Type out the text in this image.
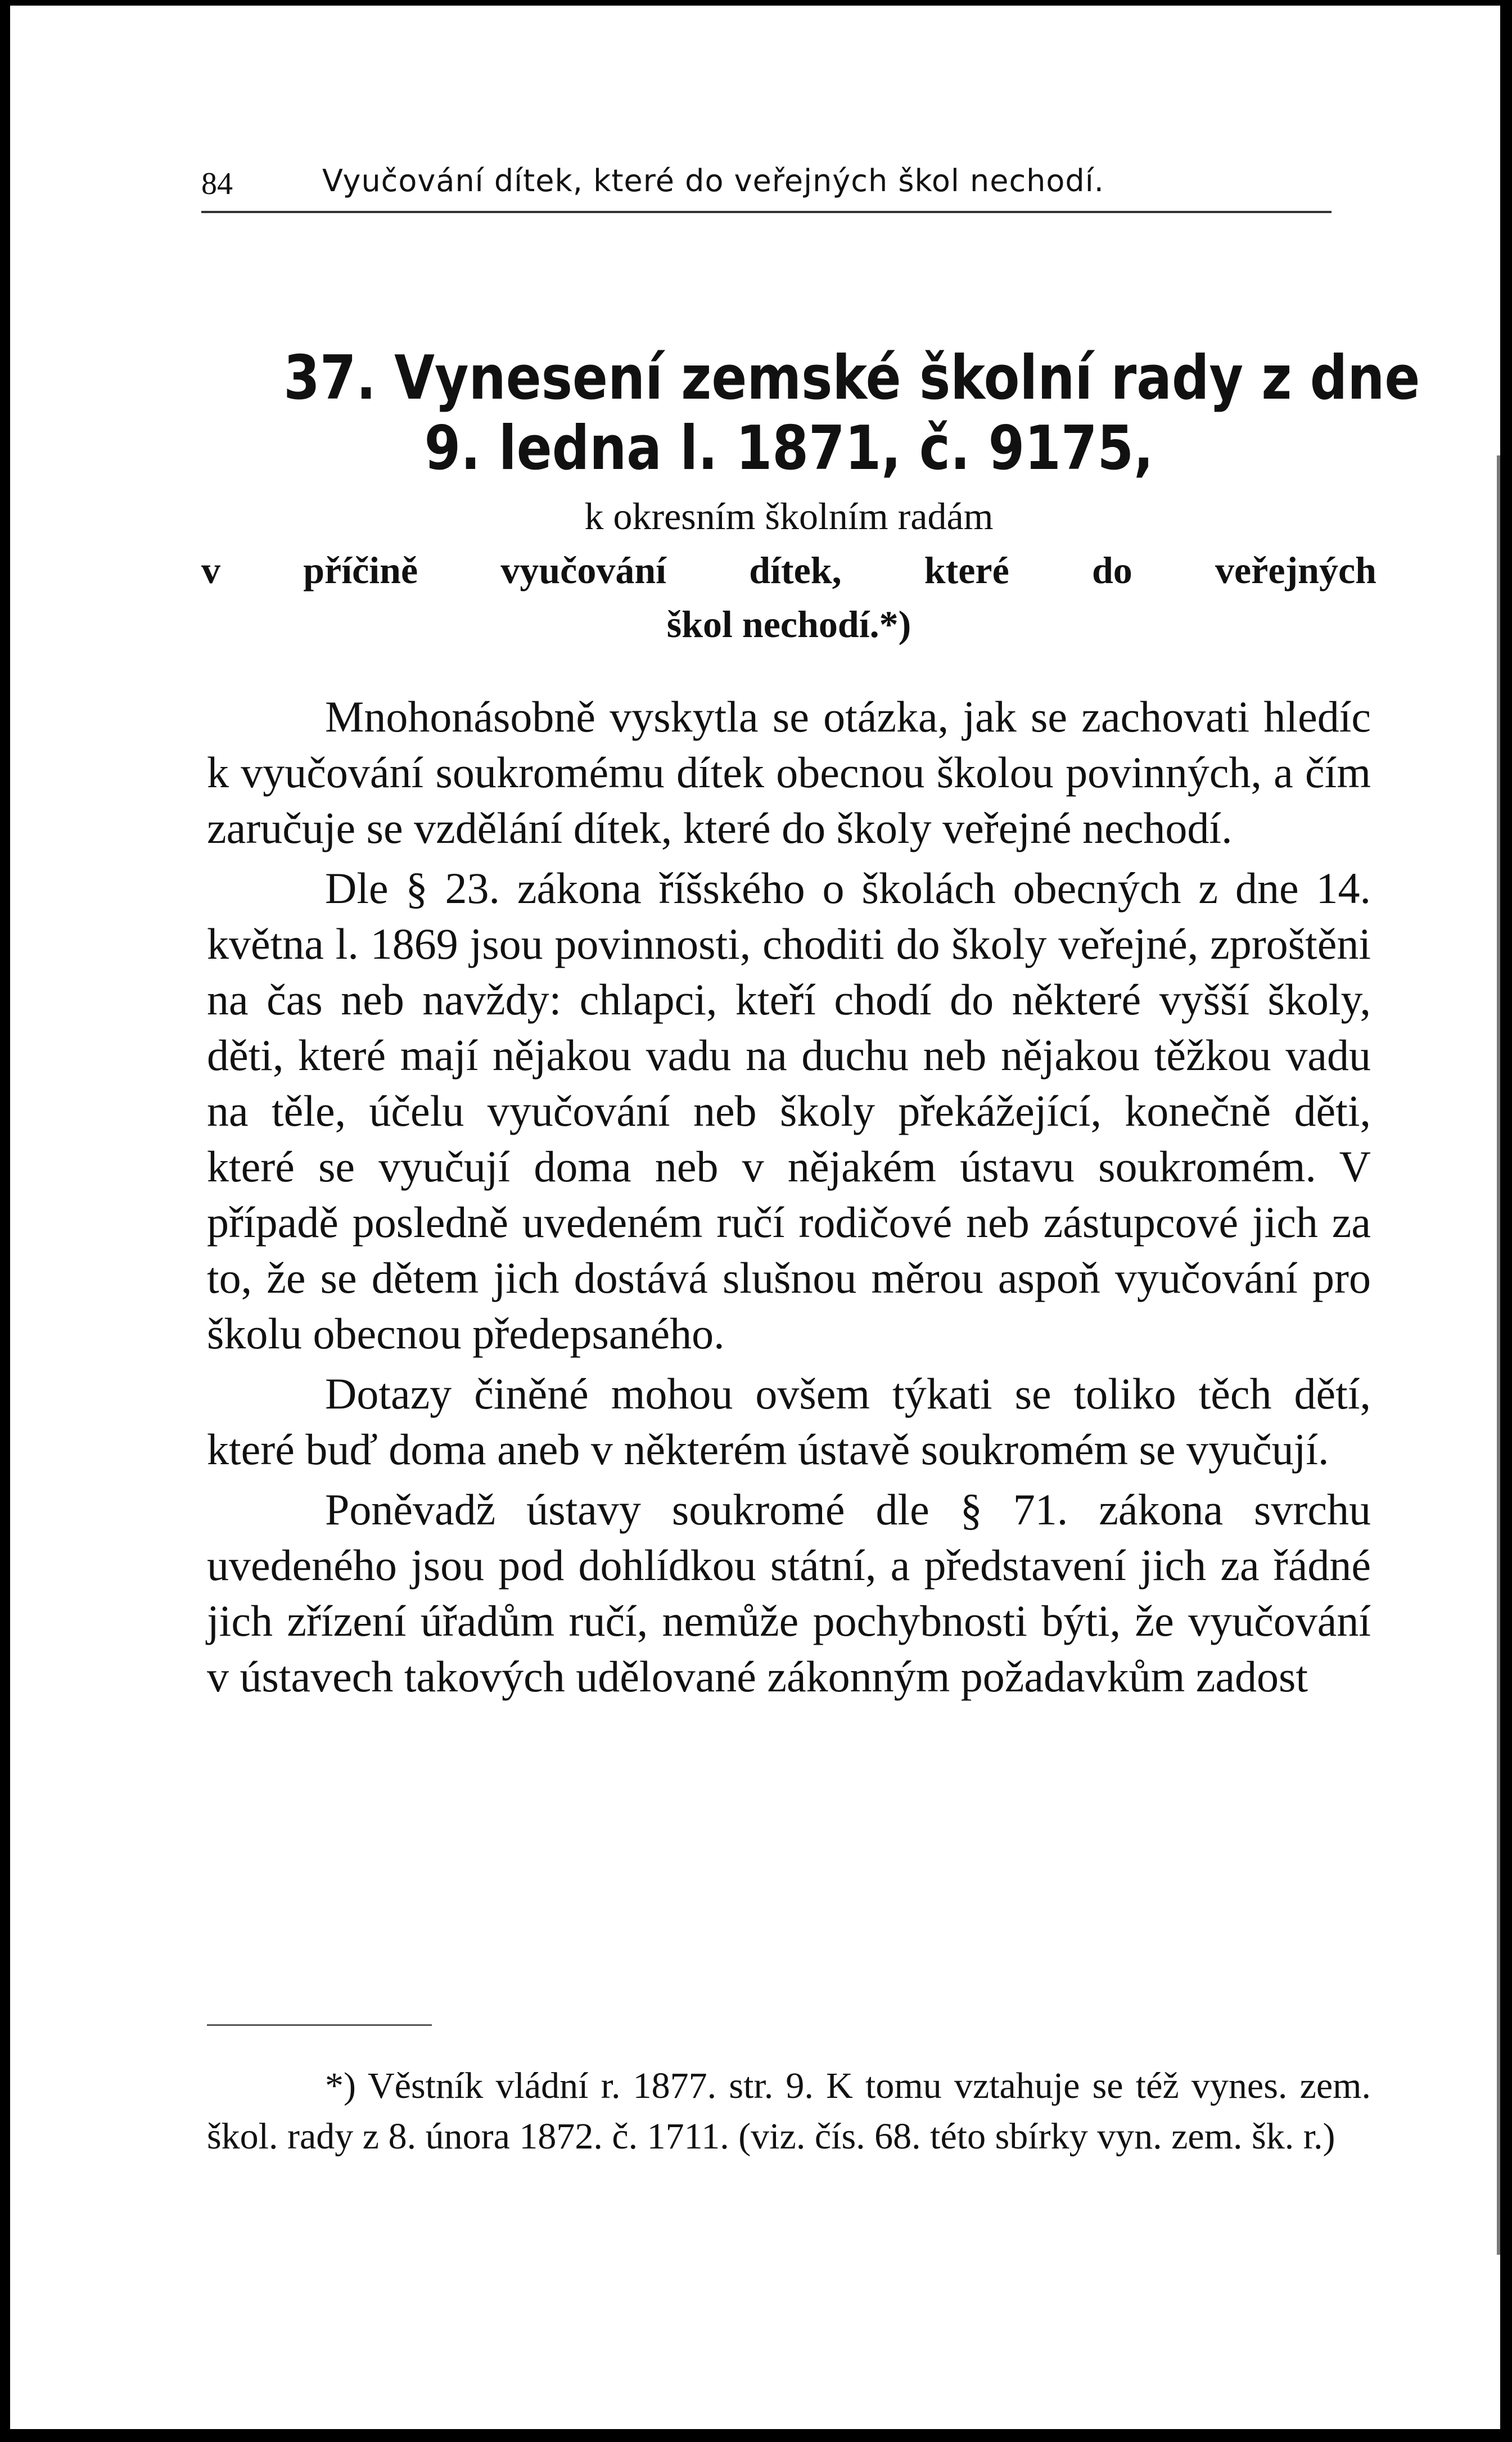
84	Vyučování dítek, které do veřejných škol nechodí.
37. Vynesení zemské školní rady z dne
9. ledna l. 1871, č. 9175,
k okresním školním radám
v příčině vyučování dítek, které do veřejných
škol nechodí.*)

Mnohonásobně vyskytla se otázka, jak se zachovati hledíc k vyučování soukromému dítek obecnou školou povinných, a čím zaručuje se vzdělání dítek, které do školy veřejné nechodí.

Dle § 23. zákona říšského o školách obecných z dne 14. května l. 1869 jsou povinnosti, choditi do školy veřejné, zproštěni na čas neb navždy: chlapci, kteří chodí do některé vyšší školy, děti, které mají nějakou vadu na duchu neb nějakou těžkou vadu na těle, účelu vyučování neb školy překážející, konečně děti, které se vyučují doma neb v nějakém ústavu soukromém. V případě posledně uvedeném ručí rodičové neb zástupcové jich za to, že se dětem jich dostává slušnou měrou aspoň vyučování pro školu obecnou předepsaného.

Dotazy činěné mohou ovšem týkati se toliko těch dětí, které buď doma aneb v některém ústavě soukromém se vyučují.

Poněvadž ústavy soukromé dle § 71. zákona svrchu uvedeného jsou pod dohlídkou státní, a představení jich za řádné jich zřízení úřadům ručí, nemůže pochybnosti býti, že vyučování v ústavech takových udělované zákonným požadavkům zadost

*) Věstník vládní r. 1877. str. 9. K tomu vztahuje se též vynes. zem. škol. rady z 8. února 1872. č. 1711. (viz. čís. 68. této sbírky vyn. zem. šk. r.)
